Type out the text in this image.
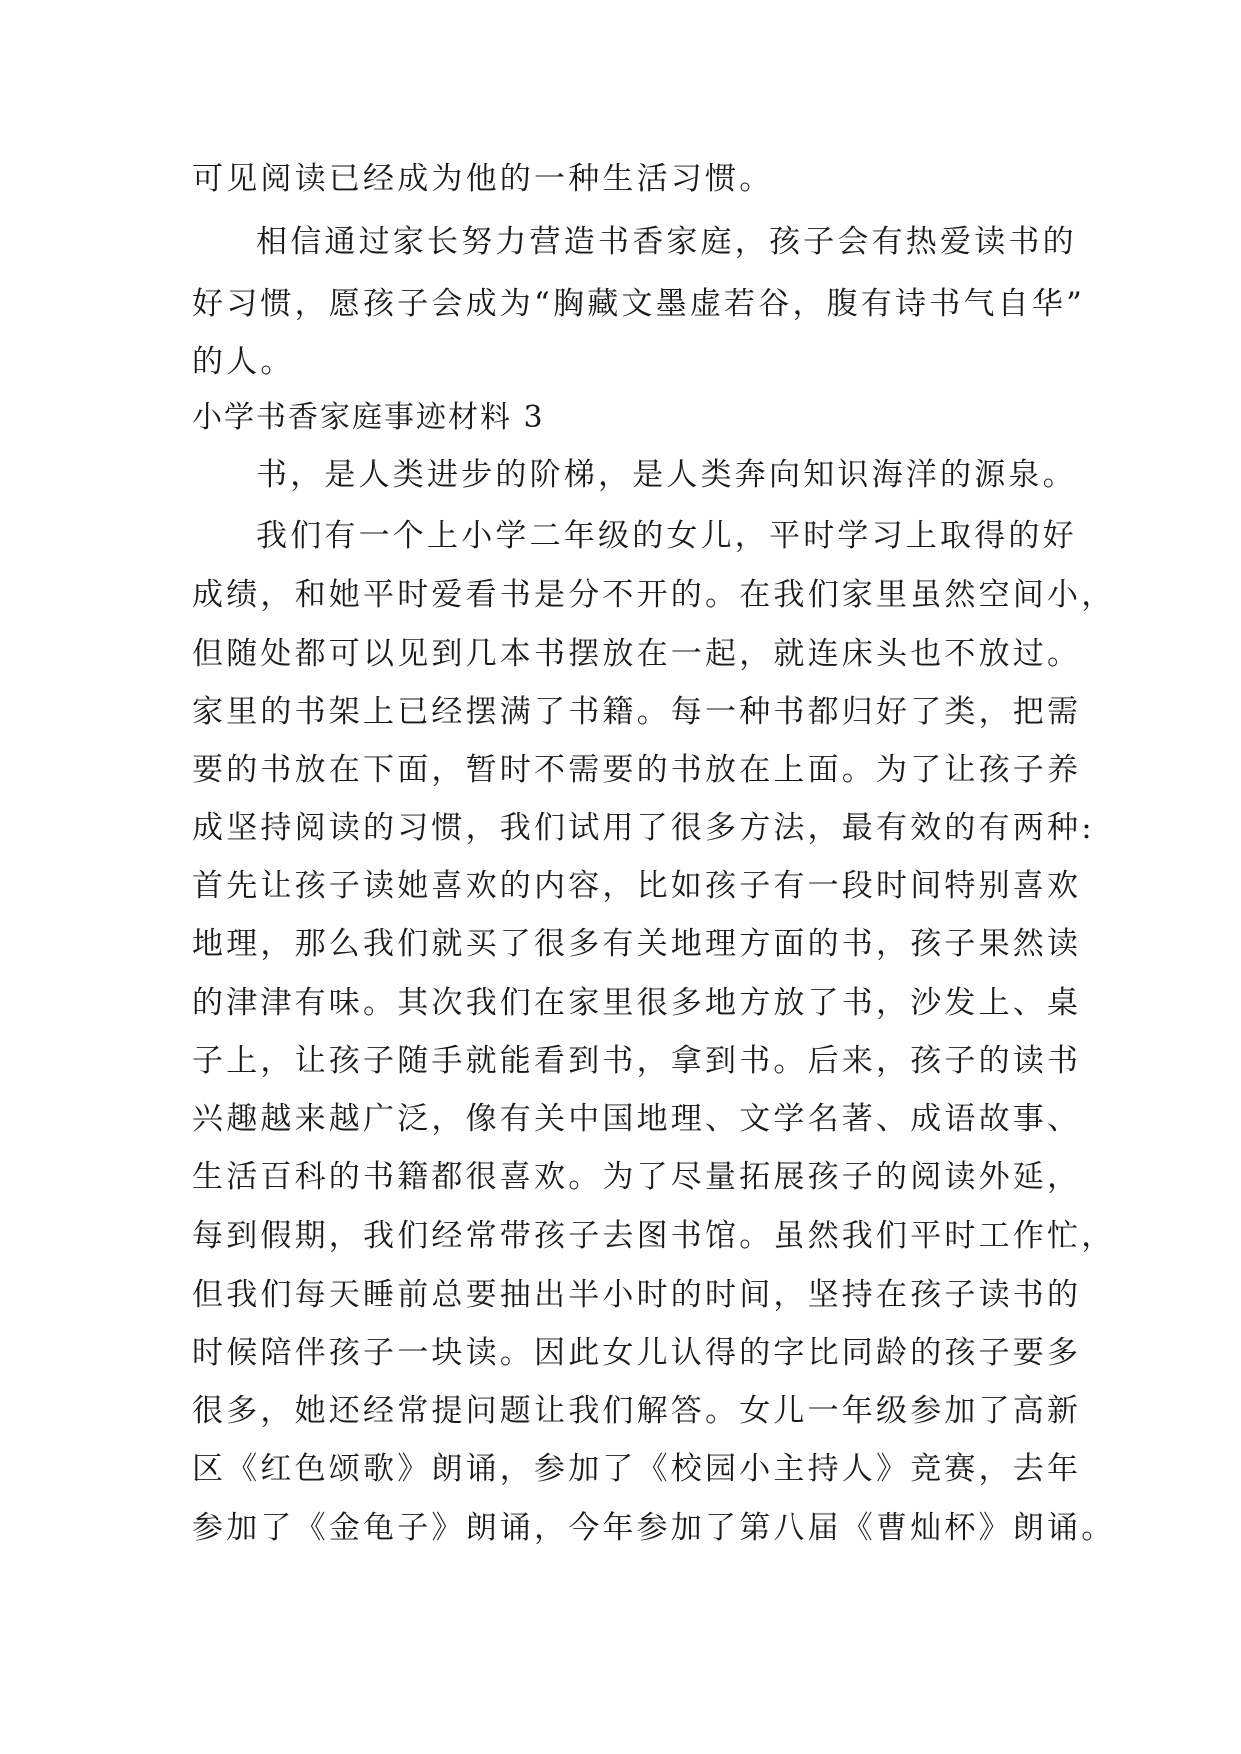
可见阅读已经成为他的一种生活习惯。
相信通过家长努力营造书香家庭，孩子会有热爱读书的
好习惯，愿孩子会成为“胸藏文墨虚若谷，腹有诗书气自华”
的人。
小学书香家庭事迹材料 3
书，是人类进步的阶梯，是人类奔向知识海洋的源泉。
我们有一个上小学二年级的女儿，平时学习上取得的好
成绩，和她平时爱看书是分不开的。在我们家里虽然空间小，
但随处都可以见到几本书摆放在一起，就连床头也不放过。
家里的书架上已经摆满了书籍。每一种书都归好了类，把需
要的书放在下面，暂时不需要的书放在上面。为了让孩子养
成坚持阅读的习惯，我们试用了很多方法，最有效的有两种:
首先让孩子读她喜欢的内容，比如孩子有一段时间特别喜欢
地理，那么我们就买了很多有关地理方面的书，孩子果然读
的津津有味。其次我们在家里很多地方放了书，沙发上、桌
子上，让孩子随手就能看到书，拿到书。后来，孩子的读书
兴趣越来越广泛，像有关中国地理、文学名著、成语故事、
生活百科的书籍都很喜欢。为了尽量拓展孩子的阅读外延，
每到假期，我们经常带孩子去图书馆。虽然我们平时工作忙，
但我们每天睡前总要抽出半小时的时间，坚持在孩子读书的
时候陪伴孩子一块读。因此女儿认得的字比同龄的孩子要多
很多，她还经常提问题让我们解答。女儿一年级参加了高新
区《红色颂歌》朗诵，参加了《校园小主持人》竞赛，去年
参加了《金龟子》朗诵，今年参加了第八届《曹灿杯》朗诵。
